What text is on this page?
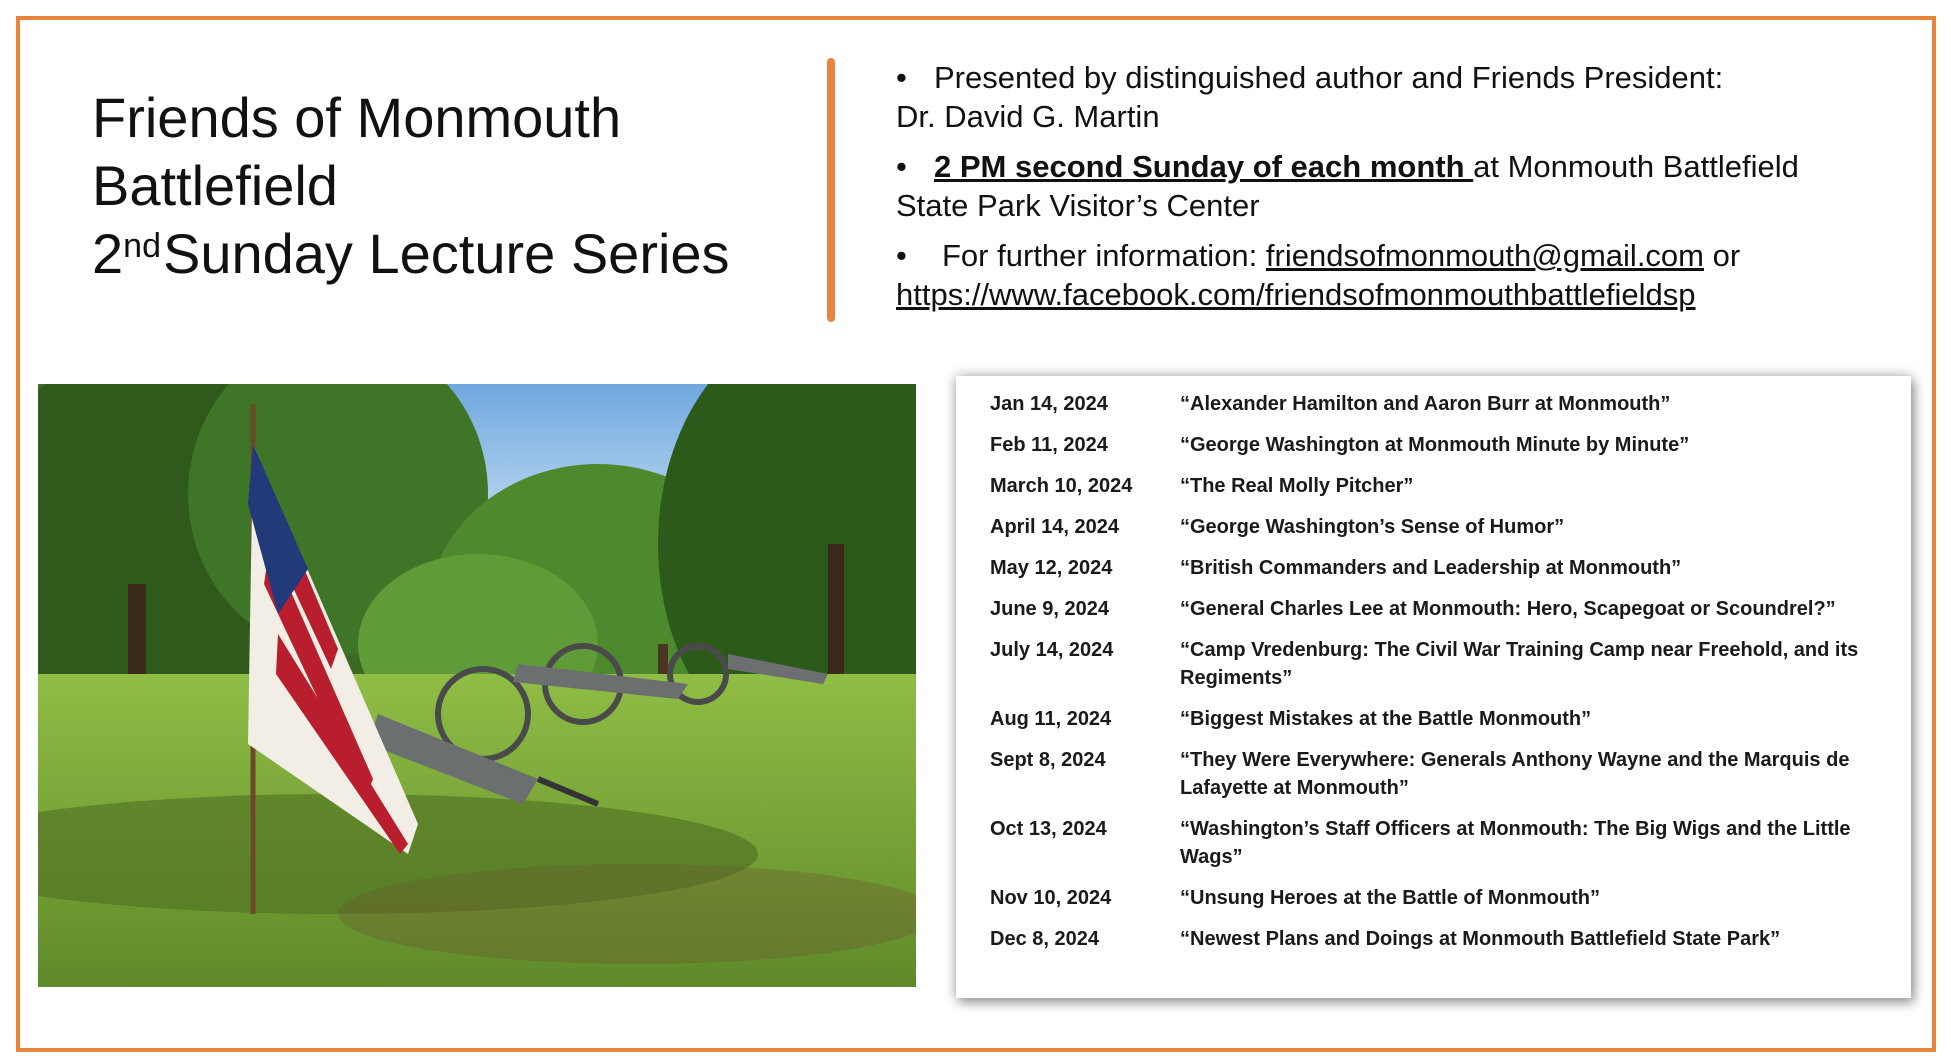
Friends of Monmouth
Battlefield
2ndSunday Lecture Series
• Presented by distinguished author and Friends President:
Dr. David G. Martin
• 2 PM second Sunday of each month at Monmouth Battlefield
State Park Visitor’s Center
• For further information: friendsofmonmouth@gmail.com or
https://www.facebook.com/friendsofmonmouthbattlefieldsp
Jan 14, 2024	“Alexander Hamilton and Aaron Burr at Monmouth”
Feb 11, 2024	“George Washington at Monmouth Minute by Minute”
March 10, 2024	“The Real Molly Pitcher”
April 14, 2024	“George Washington’s Sense of Humor”
May 12, 2024	“British Commanders and Leadership at Monmouth”
June 9, 2024	“General Charles Lee at Monmouth: Hero, Scapegoat or Scoundrel?”
July 14, 2024	“Camp Vredenburg: The Civil War Training Camp near Freehold, and its Regiments”
Aug 11, 2024	“Biggest Mistakes at the Battle Monmouth”
Sept 8, 2024	“They Were Everywhere: Generals Anthony Wayne and the Marquis de Lafayette at Monmouth”
Oct 13, 2024	“Washington’s Staff Officers at Monmouth: The Big Wigs and the Little Wags”
Nov 10, 2024	“Unsung Heroes at the Battle of Monmouth”
Dec 8, 2024	“Newest Plans and Doings at Monmouth Battlefield State Park”
